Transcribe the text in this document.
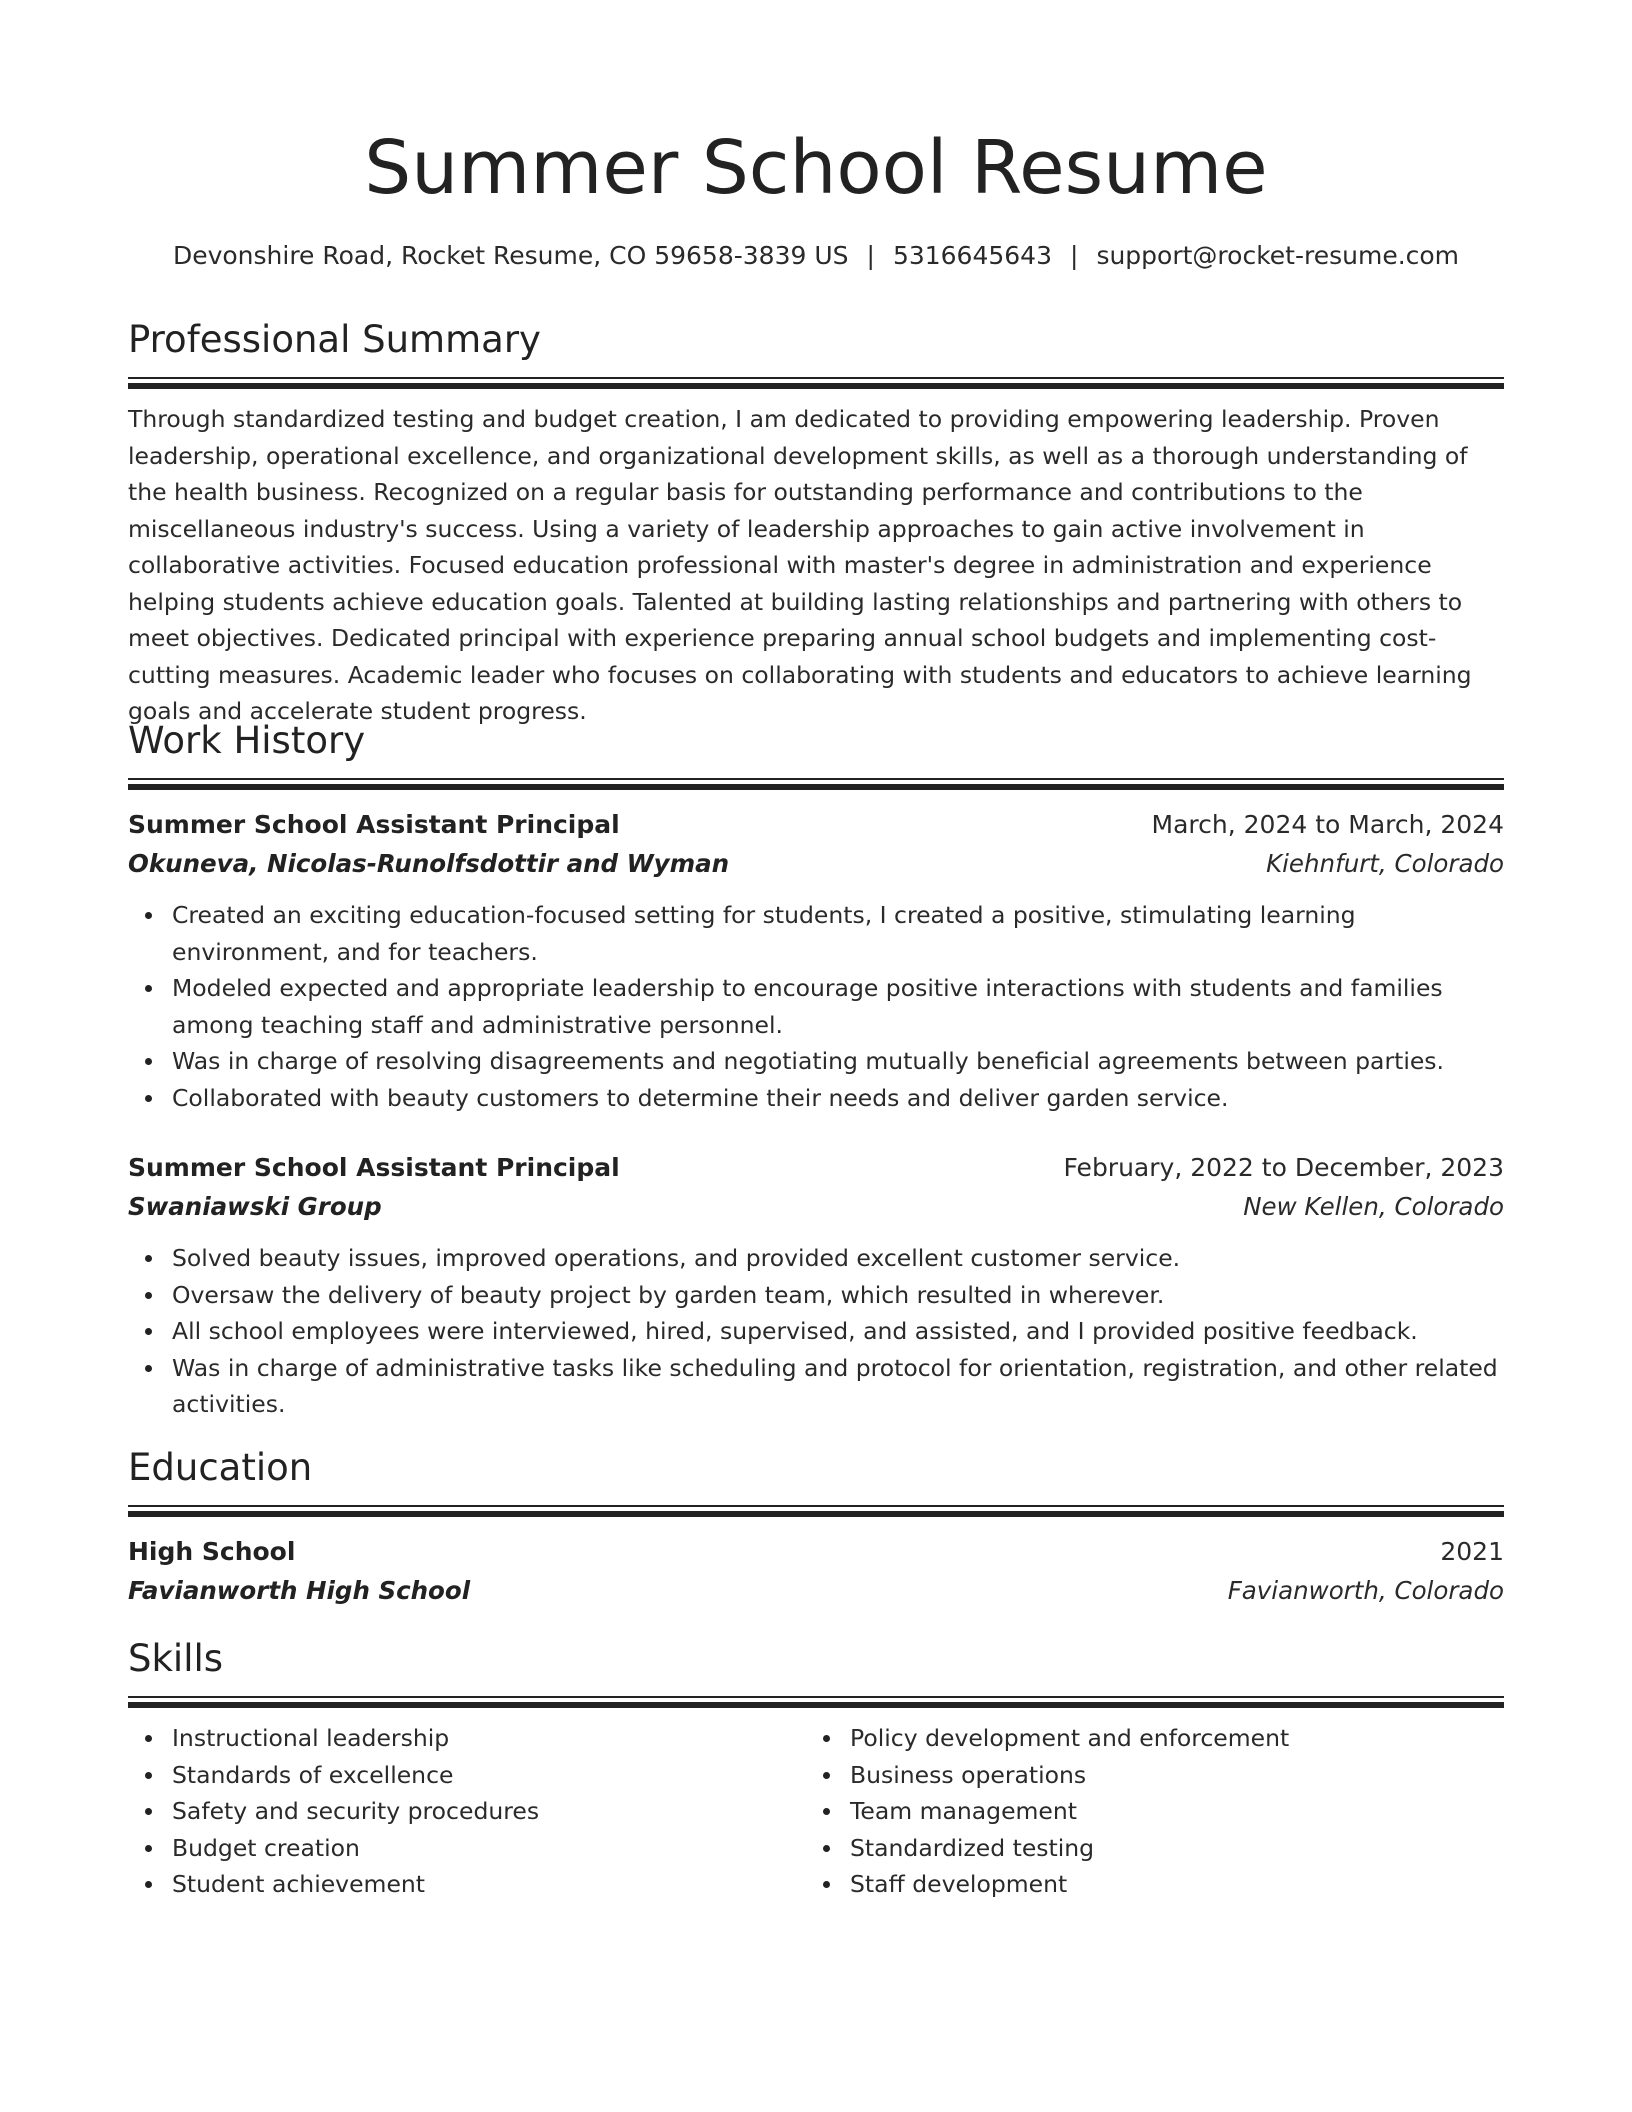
Summer School Resume
Devonshire Road, Rocket Resume, CO 59658-3839 US | 5316645643 | support@rocket-resume.com
Professional Summary
Through standardized testing and budget creation, I am dedicated to providing empowering leadership. Proven leadership, operational excellence, and organizational development skills, as well as a thorough understanding of the health business. Recognized on a regular basis for outstanding performance and contributions to the miscellaneous industry's success. Using a variety of leadership approaches to gain active involvement in collaborative activities. Focused education professional with master's degree in administration and experience helping students achieve education goals. Talented at building lasting relationships and partnering with others to meet objectives. Dedicated principal with experience preparing annual school budgets and implementing cost-cutting measures. Academic leader who focuses on collaborating with students and educators to achieve learning goals and accelerate student progress.
Work History
Summer School Assistant Principal	March, 2024 to March, 2024
Okuneva, Nicolas-Runolfsdottir and Wyman	Kiehnfurt, Colorado
Created an exciting education-focused setting for students, I created a positive, stimulating learning environment, and for teachers.
Modeled expected and appropriate leadership to encourage positive interactions with students and families among teaching staff and administrative personnel.
Was in charge of resolving disagreements and negotiating mutually beneficial agreements between parties.
Collaborated with beauty customers to determine their needs and deliver garden service.
Summer School Assistant Principal	February, 2022 to December, 2023
Swaniawski Group	New Kellen, Colorado
Solved beauty issues, improved operations, and provided excellent customer service.
Oversaw the delivery of beauty project by garden team, which resulted in wherever.
All school employees were interviewed, hired, supervised, and assisted, and I provided positive feedback.
Was in charge of administrative tasks like scheduling and protocol for orientation, registration, and other related activities.
Education
High School	2021
Favianworth High School	Favianworth, Colorado
Skills
Instructional leadership
Standards of excellence
Safety and security procedures
Budget creation
Student achievement
Policy development and enforcement
Business operations
Team management
Standardized testing
Staff development
